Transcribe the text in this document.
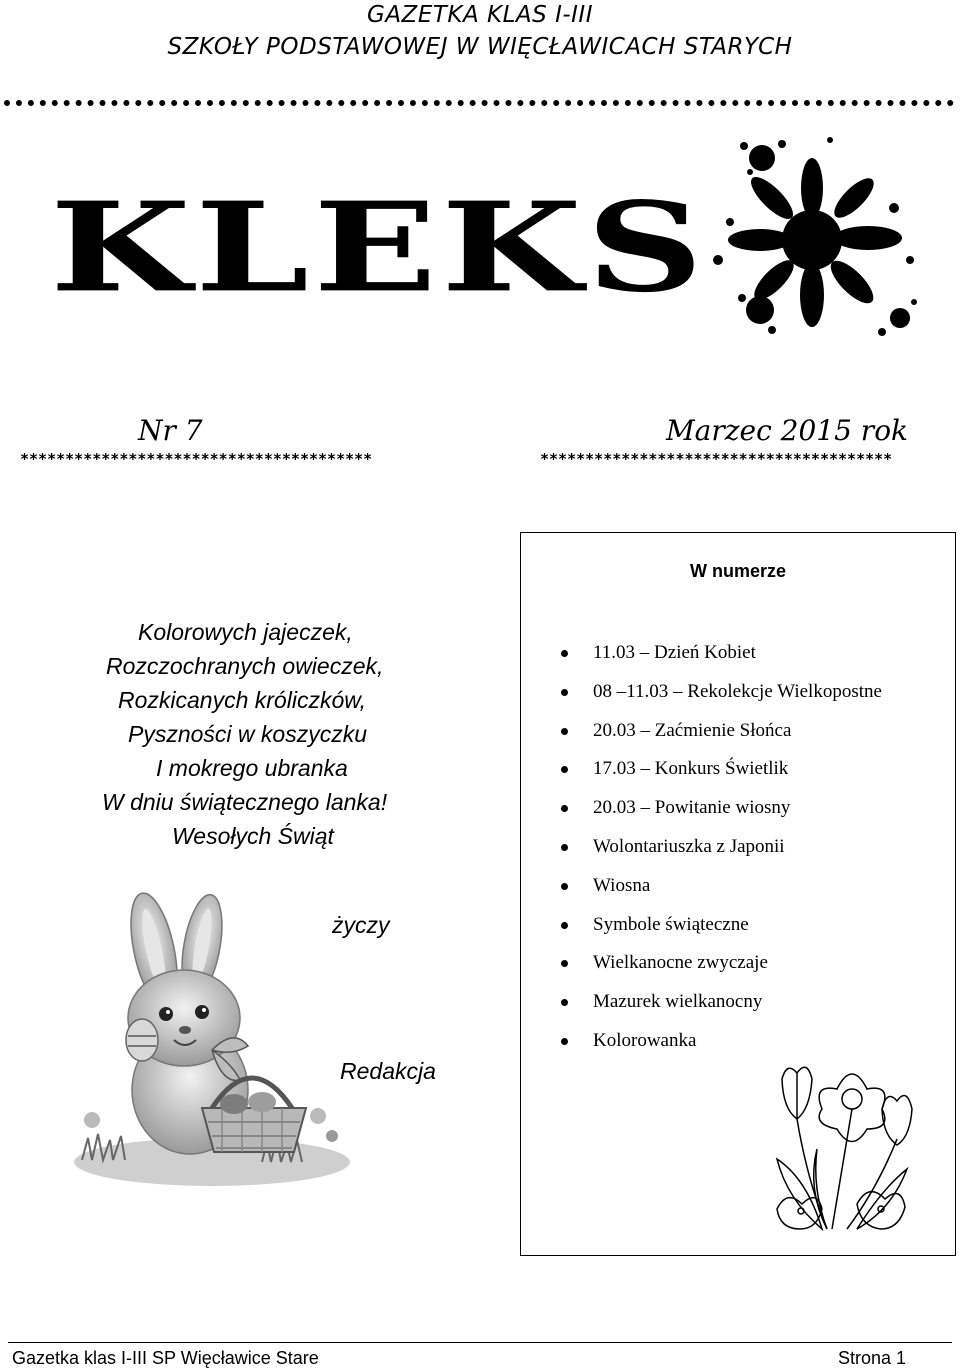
GAZETKA KLAS I-III
SZKOŁY PODSTAWOWEJ W WIĘCŁAWICACH STARYCH
KLEKS
Nr 7	Marzec 2015 rok
***************************************	***************************************
Kolorowych jajeczek,
Rozczochranych owieczek,
Rozkicanych króliczków,
Pyszności w koszyczku
I mokrego ubranka
W dniu świątecznego lanka!
Wesołych Świąt
życzy
Redakcja
W numerze
11.03 – Dzień Kobiet
08 –11.03 – Rekolekcje Wielkopostne
20.03 – Zaćmienie Słońca
17.03 – Konkurs Świetlik
20.03 – Powitanie wiosny
Wolontariuszka z Japonii
Wiosna
Symbole świąteczne
Wielkanocne zwyczaje
Mazurek wielkanocny
Kolorowanka
Gazetka klas I-III SP Więcławice Stare	Strona 1
